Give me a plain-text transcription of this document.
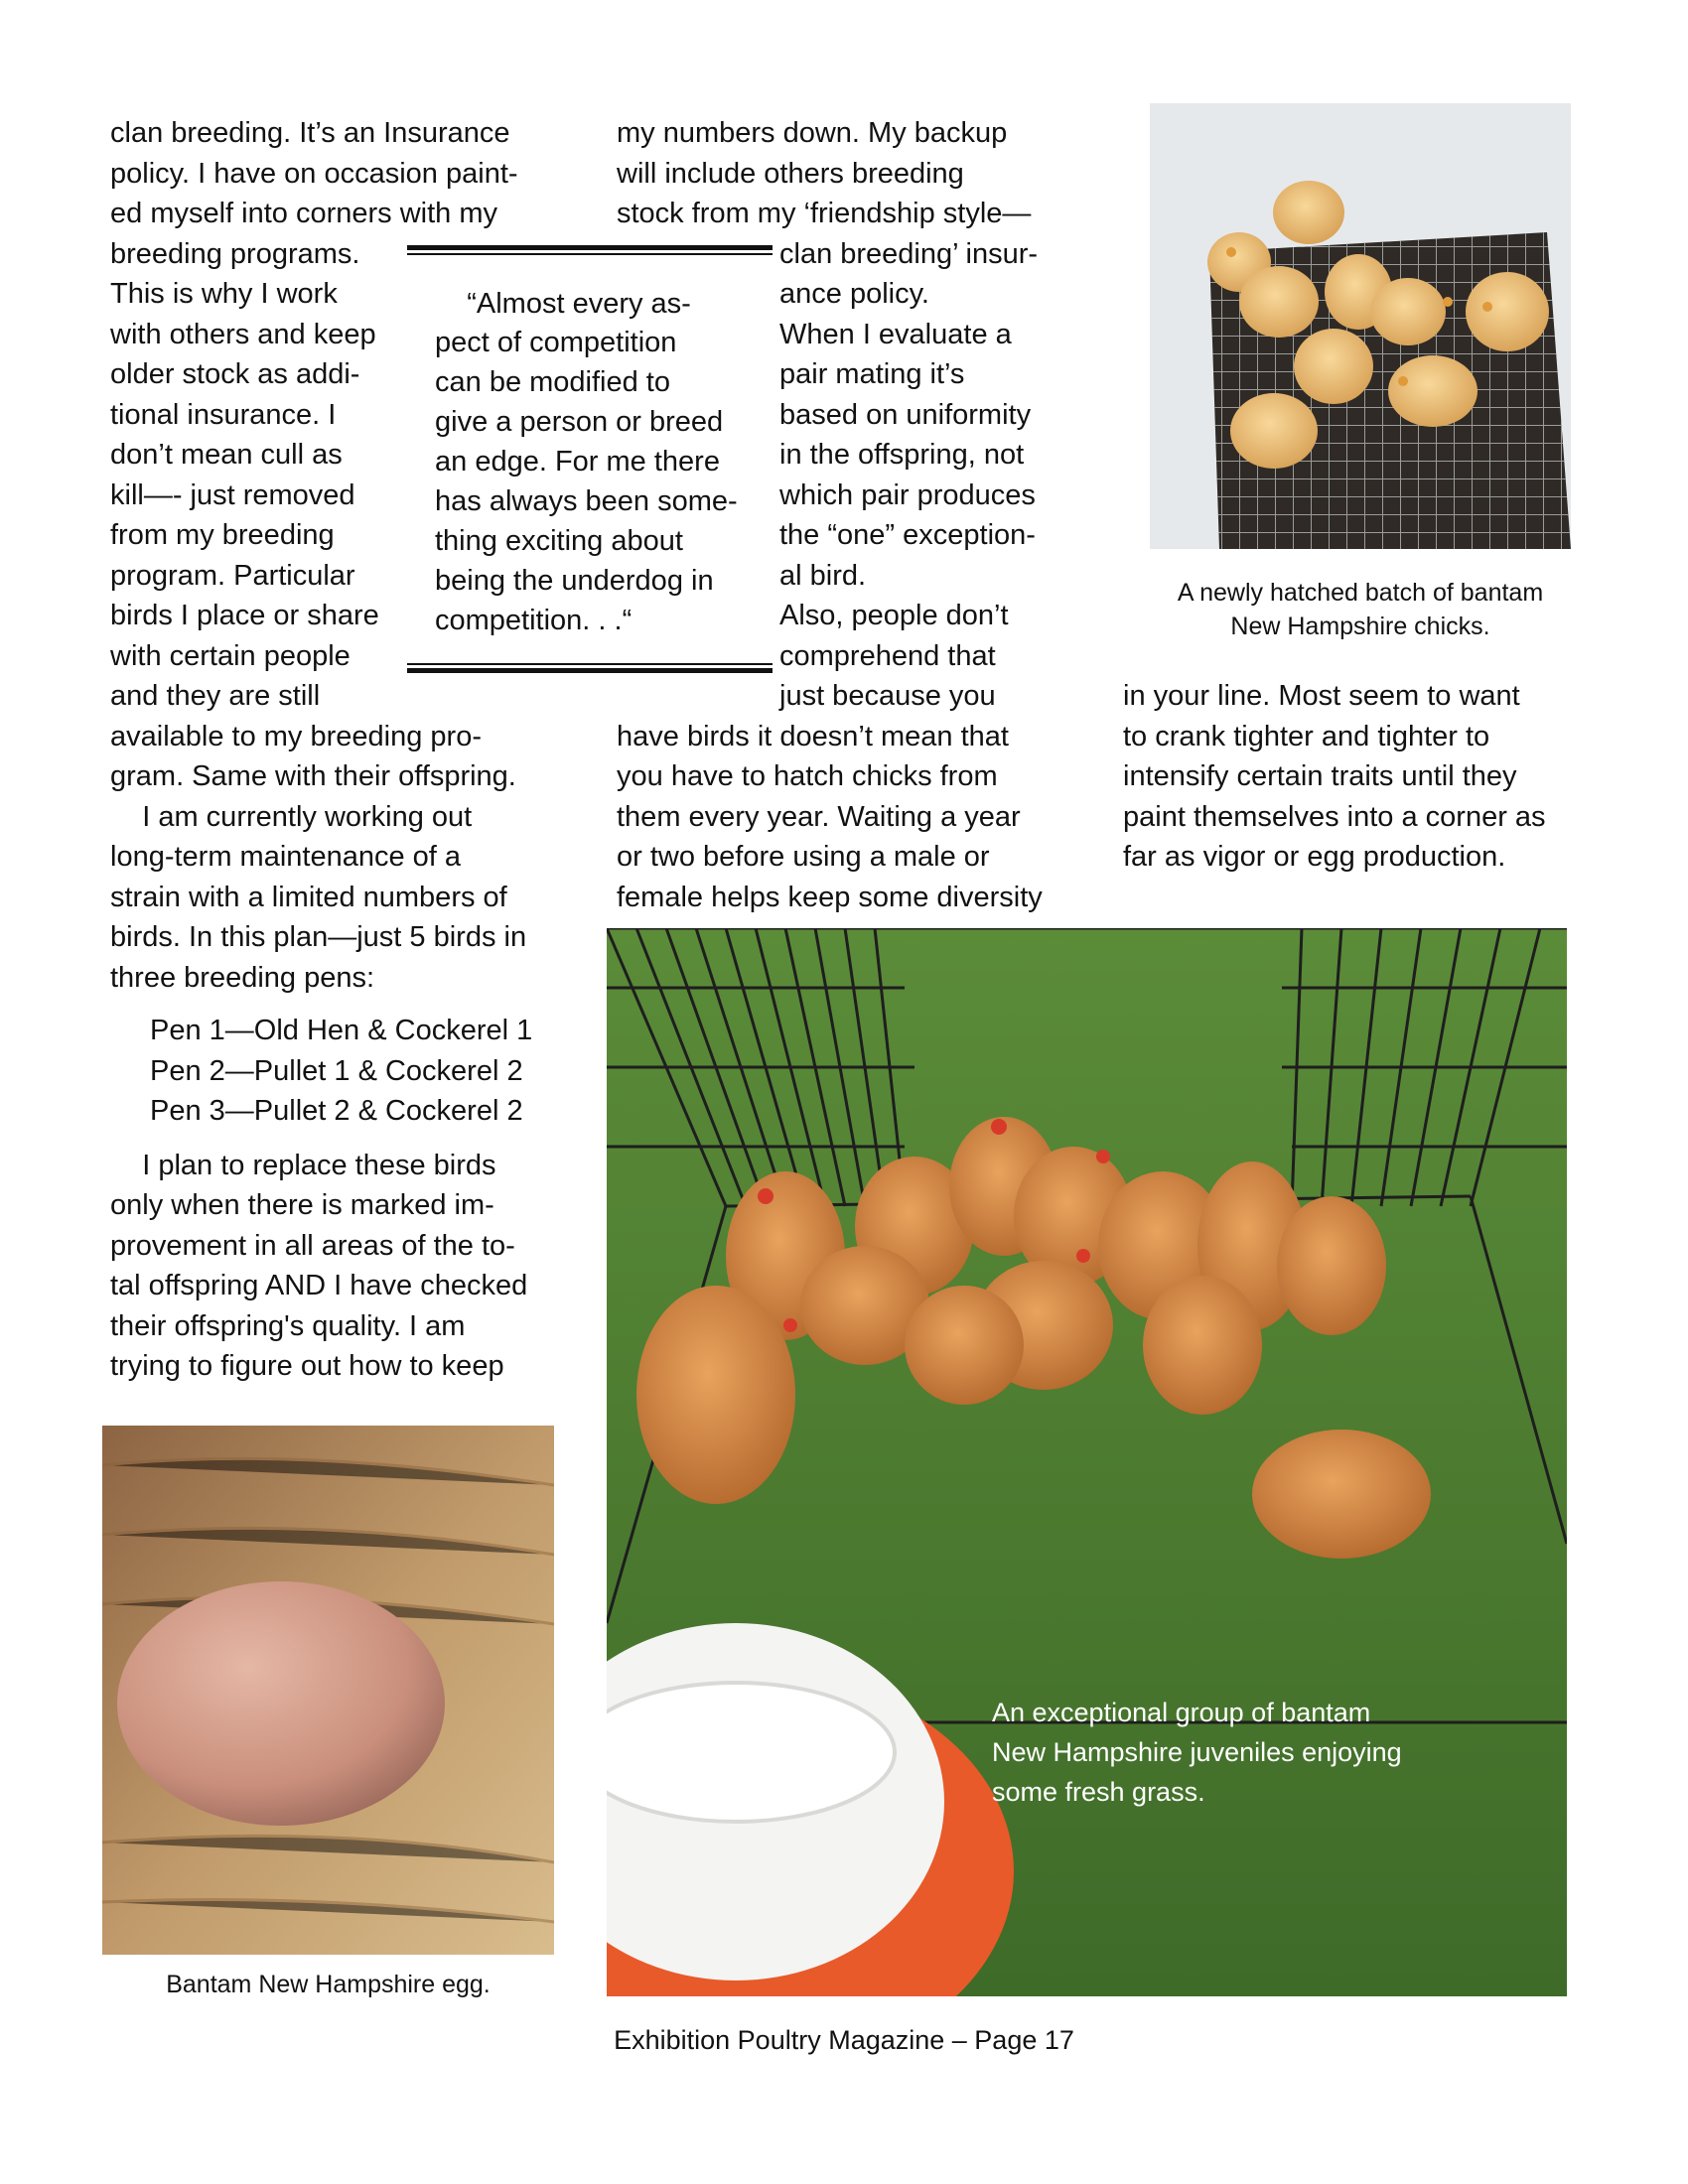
clan breeding. It’s an Insurance
policy. I have on occasion paint-
ed myself into corners with my
breeding programs.
This is why I work
with others and keep
older stock as addi-
tional insurance. I
don’t mean cull as
kill—- just removed
from my breeding
program. Particular
birds I place or share
with certain people
and they are still
available to my breeding pro-
gram. Same with their offspring.
I am currently working out
long-term maintenance of a
strain with a limited numbers of
birds. In this plan—just 5 birds in
three breeding pens:
Pen 1—Old Hen & Cockerel 1
Pen 2—Pullet 1 & Cockerel 2
Pen 3—Pullet 2 & Cockerel 2
I plan to replace these birds
only when there is marked im-
provement in all areas of the to-
tal offspring AND I have checked
their offspring's quality. I am
trying to figure out how to keep
my numbers down. My backup
will include others breeding
stock from my ‘friendship style—
clan breeding’ insur-
ance policy.
When I evaluate a
pair mating it’s
based on uniformity
in the offspring, not
which pair produces
the “one” exception-
al bird.
Also, people don’t
comprehend that
just because you
have birds it doesn’t mean that
you have to hatch chicks from
them every year. Waiting a year
or two before using a male or
female helps keep some diversity
in your line. Most seem to want
to crank tighter and tighter to
intensify certain traits until they
paint themselves into a corner as
far as vigor or egg production.
“Almost every as-
pect of competition
can be modified to
give a person or breed
an edge. For me there
has always been some-
thing exciting about
being the underdog in
competition. . .“
A newly hatched batch of bantam
New Hampshire chicks.
Bantam New Hampshire egg.
An exceptional group of bantam
New Hampshire juveniles enjoying
some fresh grass.
Exhibition Poultry Magazine – Page 17
